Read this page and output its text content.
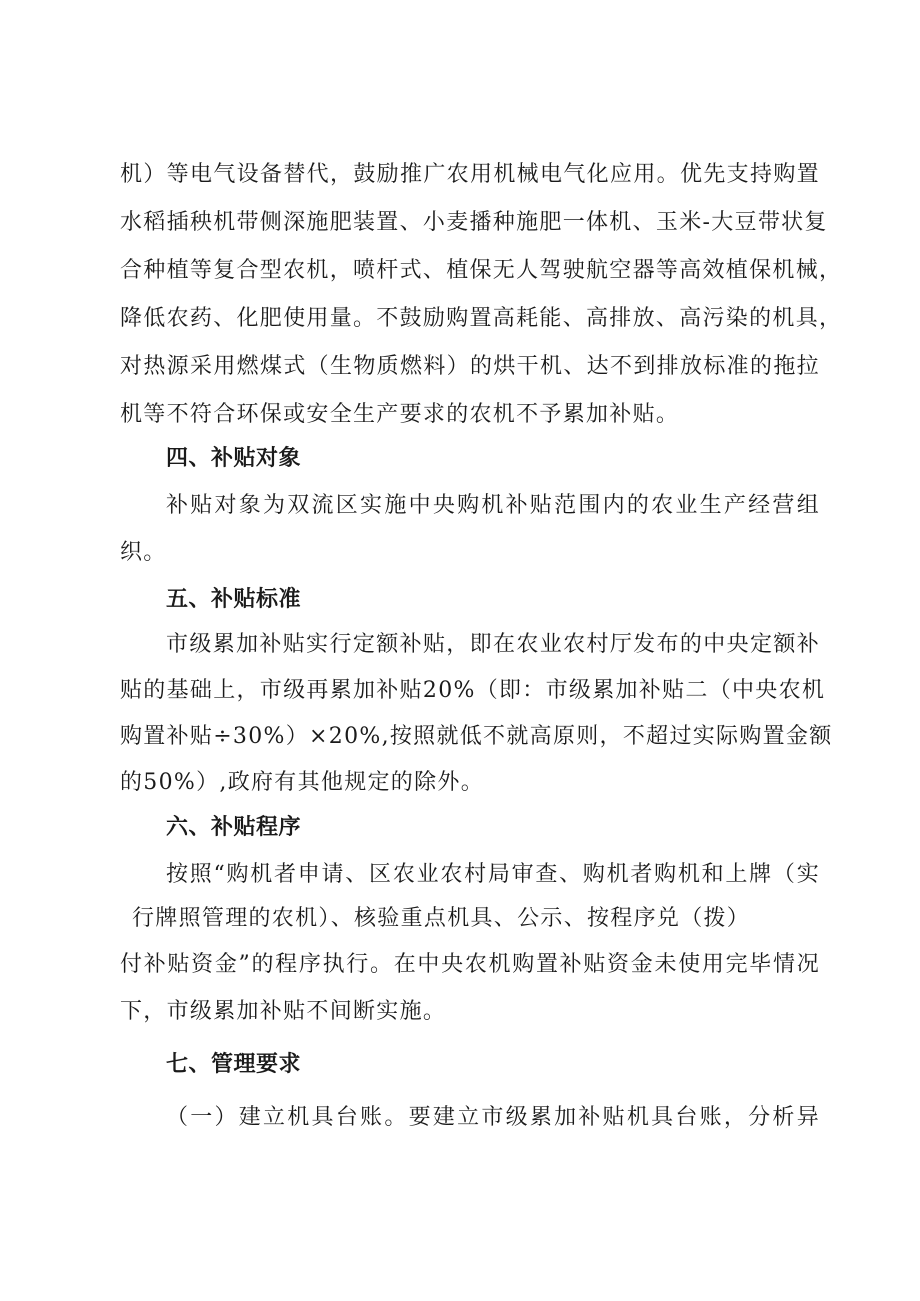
机）等电气设备替代，鼓励推广农用机械电气化应用。优先支持购置
水稻插秧机带侧深施肥装置、小麦播种施肥一体机、玉米-大豆带状复
合种植等复合型农机，喷杆式、植保无人驾驶航空器等高效植保机械，
降低农药、化肥使用量。不鼓励购置高耗能、高排放、高污染的机具，
对热源采用燃煤式（生物质燃料）的烘干机、达不到排放标准的拖拉
机等不符合环保或安全生产要求的农机不予累加补贴。
四、补贴对象
补贴对象为双流区实施中央购机补贴范围内的农业生产经营组
织。
五、补贴标准
市级累加补贴实行定额补贴，即在农业农村厅发布的中央定额补
贴的基础上，市级再累加补贴20%（即：市级累加补贴二（中央农机
购置补贴÷30%）×20%,按照就低不就高原则，不超过实际购置金额
的50%）,政府有其他规定的除外。
六、补贴程序
按照“购机者申请、区农业农村局审查、购机者购机和上牌（实
行牌照管理的农机）、核验重点机具、公示、按程序兑（拨）
付补贴资金”的程序执行。在中央农机购置补贴资金未使用完毕情况
下，市级累加补贴不间断实施。
七、管理要求
（一）建立机具台账。要建立市级累加补贴机具台账，分析异
